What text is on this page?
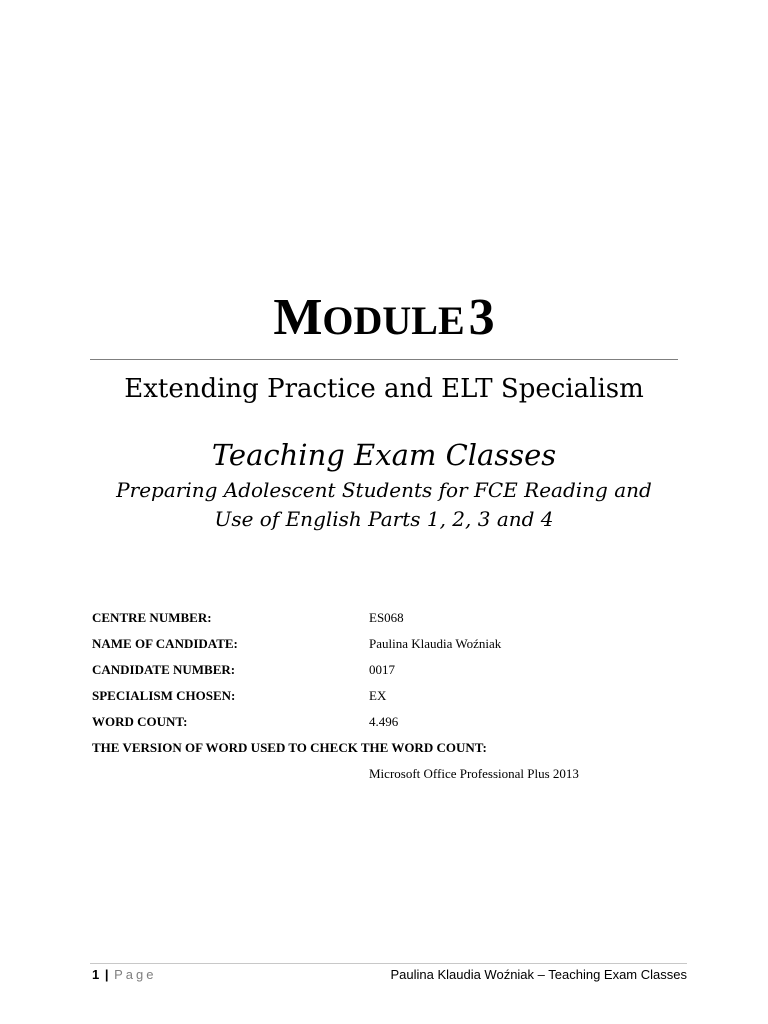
MODULE 3
Extending Practice and ELT Specialism
Teaching Exam Classes
Preparing Adolescent Students for FCE Reading and
Use of English Parts 1, 2, 3 and 4
CENTRE NUMBER:	ES068
NAME OF CANDIDATE:	Paulina Klaudia Woźniak
CANDIDATE NUMBER:	0017
SPECIALISM CHOSEN:	EX
WORD COUNT:	4.496
THE VERSION OF WORD USED TO CHECK THE WORD COUNT:
Microsoft Office Professional Plus 2013
1 | Page	Paulina Klaudia Woźniak – Teaching Exam Classes
